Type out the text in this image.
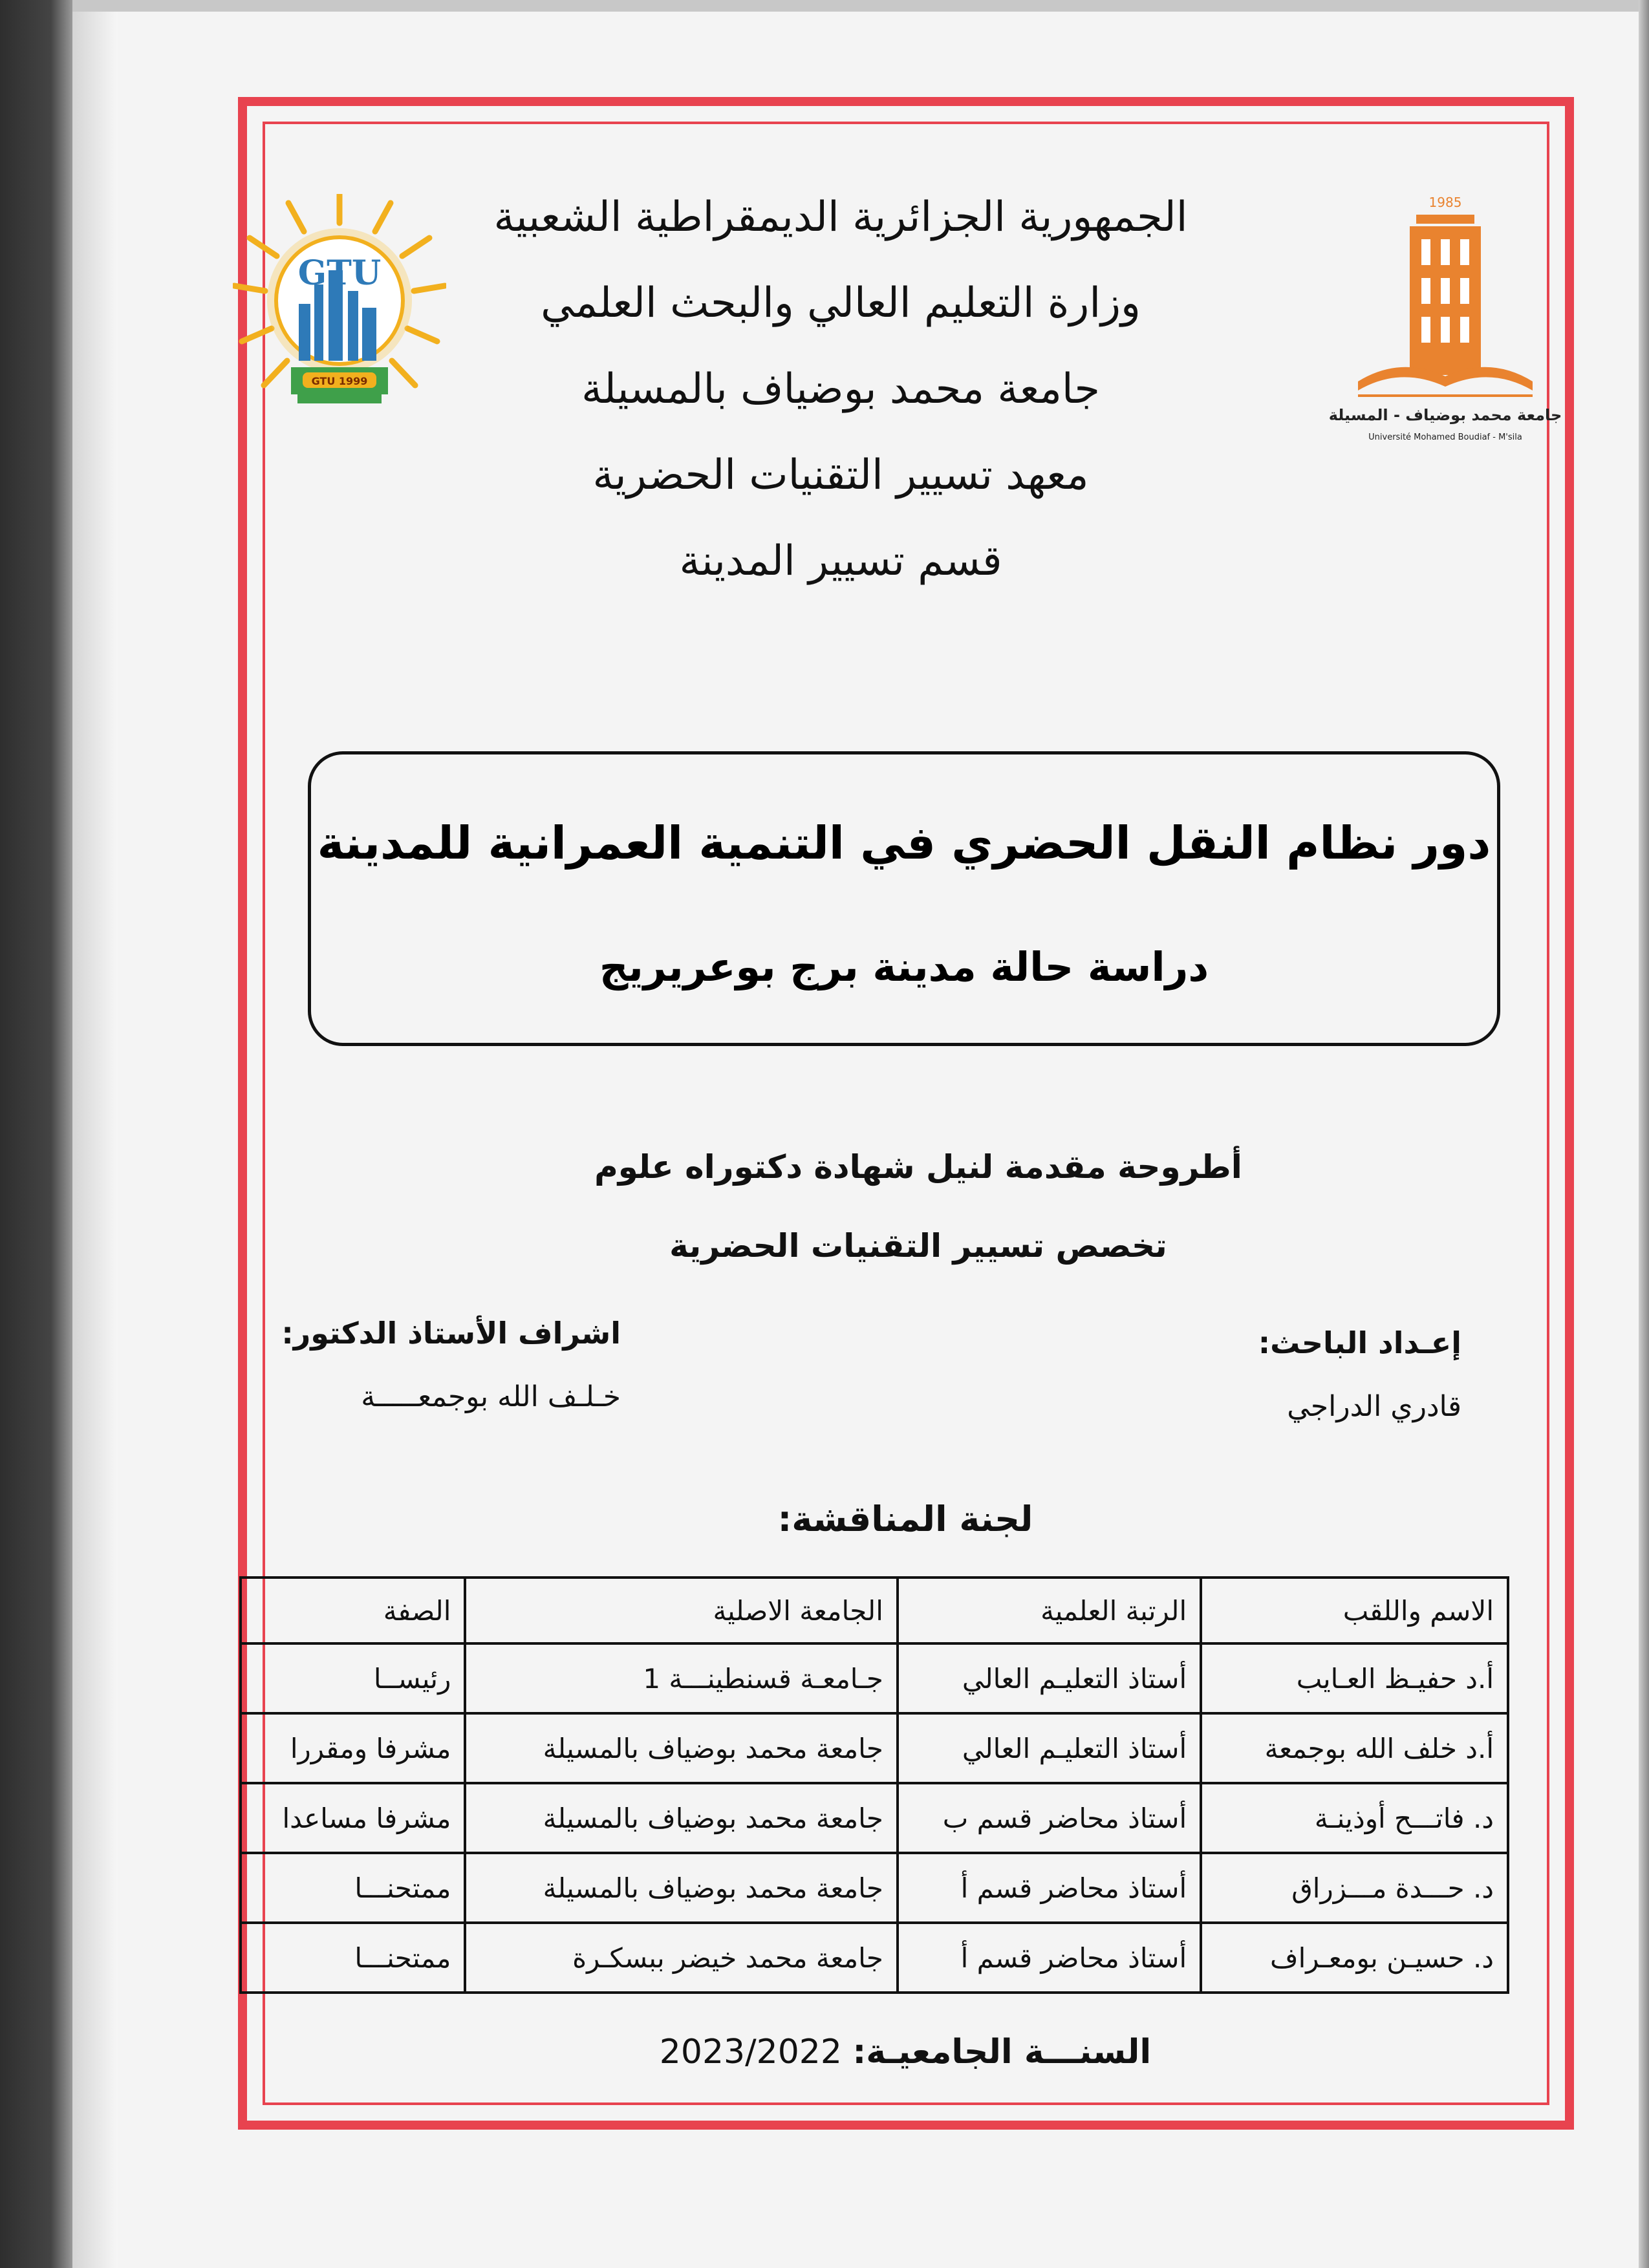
GTU
GTU 1999
1985
جامعة محمد بوضياف - المسيلة
Université Mohamed Boudiaf - M'sila
الجمهورية الجزائرية الديمقراطية الشعبية
وزارة التعليم العالي والبحث العلمي
جامعة محمد بوضياف بالمسيلة
معهد تسيير التقنيات الحضرية
قسم تسيير المدينة
دور نظام النقل الحضري في التنمية العمرانية للمدينة
دراسة حالة مدينة برج بوعريريج
أطروحة مقدمة لنيل شهادة دكتوراه علوم
تخصص تسيير التقنيات الحضرية
إعـداد الباحث:
قادري الدراجي
اشراف الأستاذ الدكتور:
خـلـف الله بوجمعـــــة
لجنة المناقشة:
الاسم واللقب	الرتبة العلمية	الجامعة الاصلية	الصفة
أ.د حفيـظ العـايب	أستاذ التعليـم العالي	جـامعـة قسنطينـــة 1	رئيســا
أ.د خلف الله بوجمعة	أستاذ التعليـم العالي	جامعة محمد بوضياف بالمسيلة	مشرفا ومقررا
د. فاتـــح أوذينـة	أستاذ محاضر قسم ب	جامعة محمد بوضياف بالمسيلة	مشرفا مساعدا
د. حـــدة مـــزراق	أستاذ محاضر قسم أ	جامعة محمد بوضياف بالمسيلة	ممتحنـــا
د. حسيـن بومعـراف	أستاذ محاضر قسم أ	جامعة محمد خيضر ببسكـرة	ممتحنـــا
السنـــة الجامعيـة: 2023/2022
